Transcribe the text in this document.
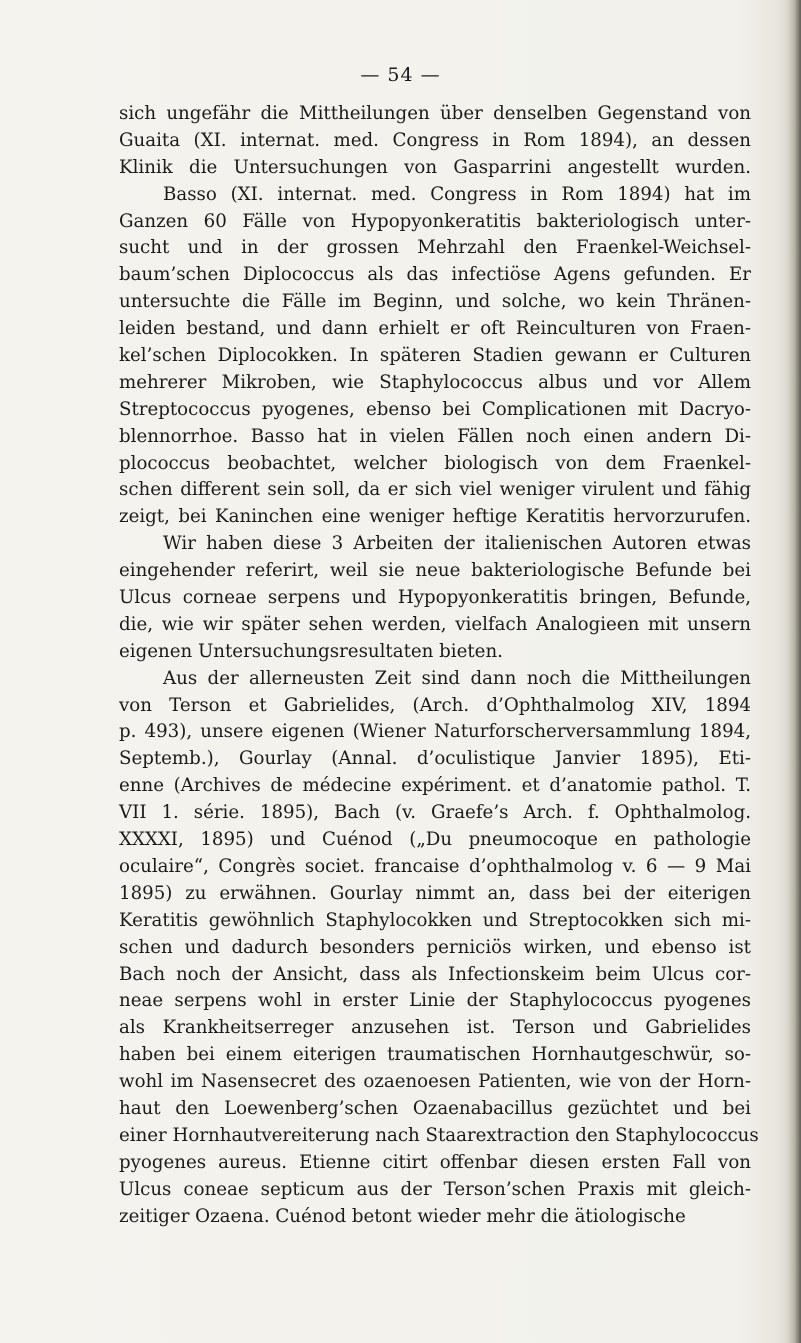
— 54 —
sich ungefähr die Mittheilungen über denselben Gegenstand von
Guaita (XI. internat. med. Congress in Rom 1894), an dessen
Klinik die Untersuchungen von Gasparrini angestellt wurden.
Basso (XI. internat. med. Congress in Rom 1894) hat im
Ganzen 60 Fälle von Hypopyonkeratitis bakteriologisch unter-
sucht und in der grossen Mehrzahl den Fraenkel-Weichsel-
baum’schen Diplococcus als das infectiöse Agens gefunden. Er
untersuchte die Fälle im Beginn, und solche, wo kein Thränen-
leiden bestand, und dann erhielt er oft Reinculturen von Fraen-
kel’schen Diplocokken. In späteren Stadien gewann er Culturen
mehrerer Mikroben, wie Staphylococcus albus und vor Allem
Streptococcus pyogenes, ebenso bei Complicationen mit Dacryo-
blennorrhoe. Basso hat in vielen Fällen noch einen andern Di-
plococcus beobachtet, welcher biologisch von dem Fraenkel-
schen different sein soll, da er sich viel weniger virulent und fähig
zeigt, bei Kaninchen eine weniger heftige Keratitis hervorzurufen.
Wir haben diese 3 Arbeiten der italienischen Autoren etwas
eingehender referirt, weil sie neue bakteriologische Befunde bei
Ulcus corneae serpens und Hypopyonkeratitis bringen, Befunde,
die, wie wir später sehen werden, vielfach Analogieen mit unsern
eigenen Untersuchungsresultaten bieten.
Aus der allerneusten Zeit sind dann noch die Mittheilungen
von Terson et Gabrielides, (Arch. d’Ophthalmolog XIV, 1894
p. 493), unsere eigenen (Wiener Naturforscherversammlung 1894,
Septemb.), Gourlay (Annal. d’oculistique Janvier 1895), Eti-
enne (Archives de médecine expériment. et d’anatomie pathol. T.
VII 1. série. 1895), Bach (v. Graefe’s Arch. f. Ophthalmolog.
XXXXI, 1895) und Cuénod („Du pneumocoque en pathologie
oculaire“, Congrès societ. francaise d’ophthalmolog v. 6 — 9 Mai
1895) zu erwähnen. Gourlay nimmt an, dass bei der eiterigen
Keratitis gewöhnlich Staphylocokken und Streptocokken sich mi-
schen und dadurch besonders perniciös wirken, und ebenso ist
Bach noch der Ansicht, dass als Infectionskeim beim Ulcus cor-
neae serpens wohl in erster Linie der Staphylococcus pyogenes
als Krankheitserreger anzusehen ist. Terson und Gabrielides
haben bei einem eiterigen traumatischen Hornhautgeschwür, so-
wohl im Nasensecret des ozaenoesen Patienten, wie von der Horn-
haut den Loewenberg’schen Ozaenabacillus gezüchtet und bei
einer Hornhautvereiterung nach Staarextraction den Staphylococcus
pyogenes aureus. Etienne citirt offenbar diesen ersten Fall von
Ulcus coneae septicum aus der Terson’schen Praxis mit gleich-
zeitiger Ozaena. Cuénod betont wieder mehr die ätiologische
